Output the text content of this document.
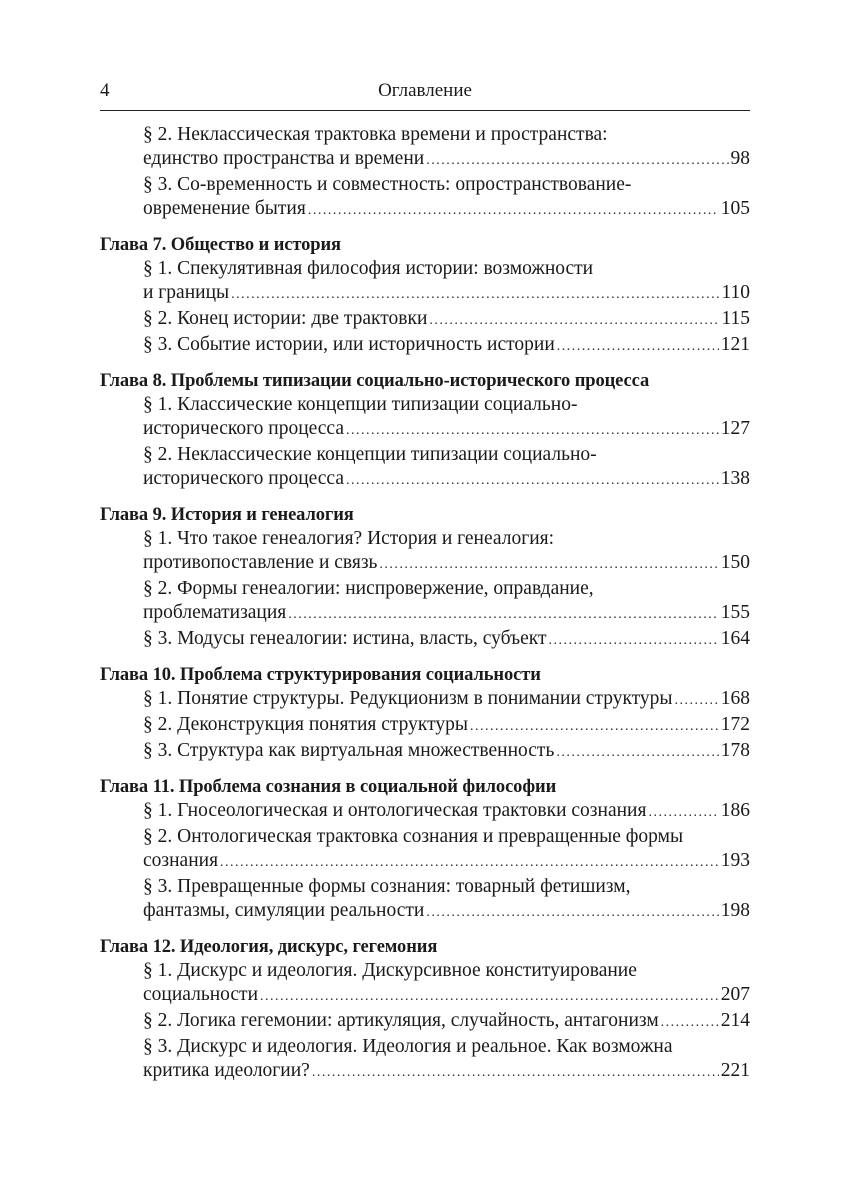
4	Оглавление
§ 2. Неклассическая трактовка времени и пространства:
единство пространства и времени .....	98
§ 3. Со-временность и совместность: опространствование-
овременение бытия .....	105
Глава 7. Общество и история
§ 1. Спекулятивная философия истории: возможности
и границы .....	110
§ 2. Конец истории: две трактовки .....	115
§ 3. Событие истории, или историчность истории .....	121
Глава 8. Проблемы типизации социально-исторического процесса
§ 1. Классические концепции типизации социально-
исторического процесса .....	127
§ 2. Неклассические концепции типизации социально-
исторического процесса .....	138
Глава 9. История и генеалогия
§ 1. Что такое генеалогия? История и генеалогия:
противопоставление и связь .....	150
§ 2. Формы генеалогии: ниспровержение, оправдание,
проблематизация .....	155
§ 3. Модусы генеалогии: истина, власть, субъект .....	164
Глава 10. Проблема структурирования социальности
§ 1. Понятие структуры. Редукционизм в понимании структуры ..... 168
§ 2. Деконструкция понятия структуры .....	172
§ 3. Структура как виртуальная множественность .....	178
Глава 11. Проблема сознания в социальной философии
§ 1. Гносеологическая и онтологическая трактовки сознания .....	186
§ 2. Онтологическая трактовка сознания и превращенные формы
сознания .....	193
§ 3. Превращенные формы сознания: товарный фетишизм,
фантазмы, симуляции реальности .....	198
Глава 12. Идеология, дискурс, гегемония
§ 1. Дискурс и идеология. Дискурсивное конституирование
социальности .....	207
§ 2. Логика гегемонии: артикуляция, случайность, антагонизм .....	214
§ 3. Дискурс и идеология. Идеология и реальное. Как возможна
критика идеологии? .....	221
